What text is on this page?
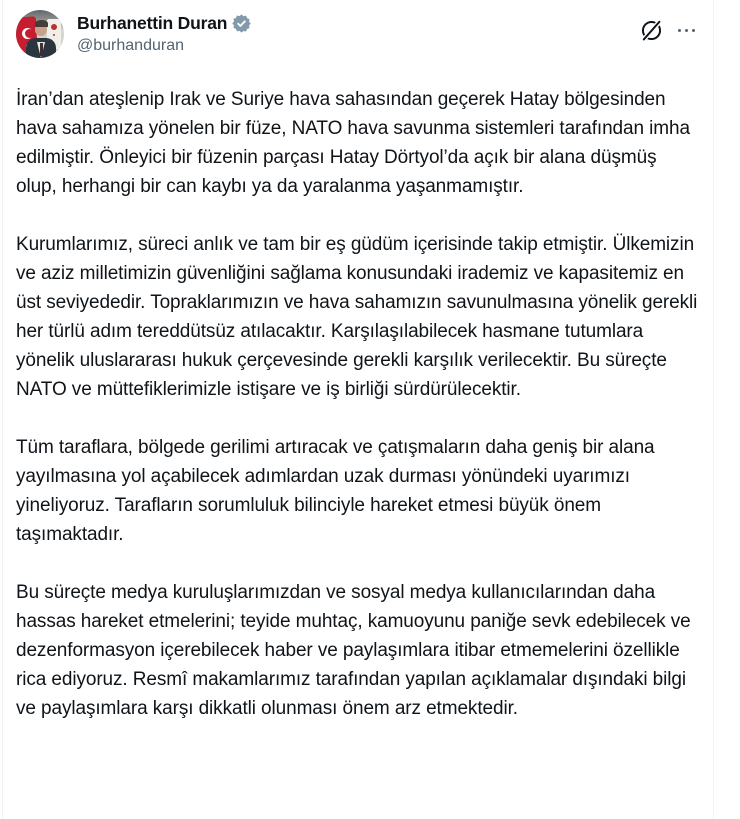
Burhanettin Duran
@burhanduran

İran’dan ateşlenip Irak ve Suriye hava sahasından geçerek Hatay bölgesinden hava sahamıza yönelen bir füze, NATO hava savunma sistemleri tarafından imha edilmiştir. Önleyici bir füzenin parçası Hatay Dörtyol’da açık bir alana düşmüş olup, herhangi bir can kaybı ya da yaralanma yaşanmamıştır.

Kurumlarımız, süreci anlık ve tam bir eş güdüm içerisinde takip etmiştir. Ülkemizin ve aziz milletimizin güvenliğini sağlama konusundaki irademiz ve kapasitemiz en üst seviyededir. Topraklarımızın ve hava sahamızın savunulmasına yönelik gerekli her türlü adım tereddütsüz atılacaktır. Karşılaşılabilecek hasmane tutumlara yönelik uluslararası hukuk çerçevesinde gerekli karşılık verilecektir. Bu süreçte NATO ve müttefiklerimizle istişare ve iş birliği sürdürülecektir.

Tüm taraflara, bölgede gerilimi artıracak ve çatışmaların daha geniş bir alana yayılmasına yol açabilecek adımlardan uzak durması yönündeki uyarımızı yineliyoruz. Tarafların sorumluluk bilinciyle hareket etmesi büyük önem taşımaktadır.

Bu süreçte medya kuruluşlarımızdan ve sosyal medya kullanıcılarından daha hassas hareket etmelerini; teyide muhtaç, kamuoyunu paniğe sevk edebilecek ve dezenformasyon içerebilecek haber ve paylaşımlara itibar etmemelerini özellikle rica ediyoruz. Resmî makamlarımız tarafından yapılan açıklamalar dışındaki bilgi ve paylaşımlara karşı dikkatli olunması önem arz etmektedir.
